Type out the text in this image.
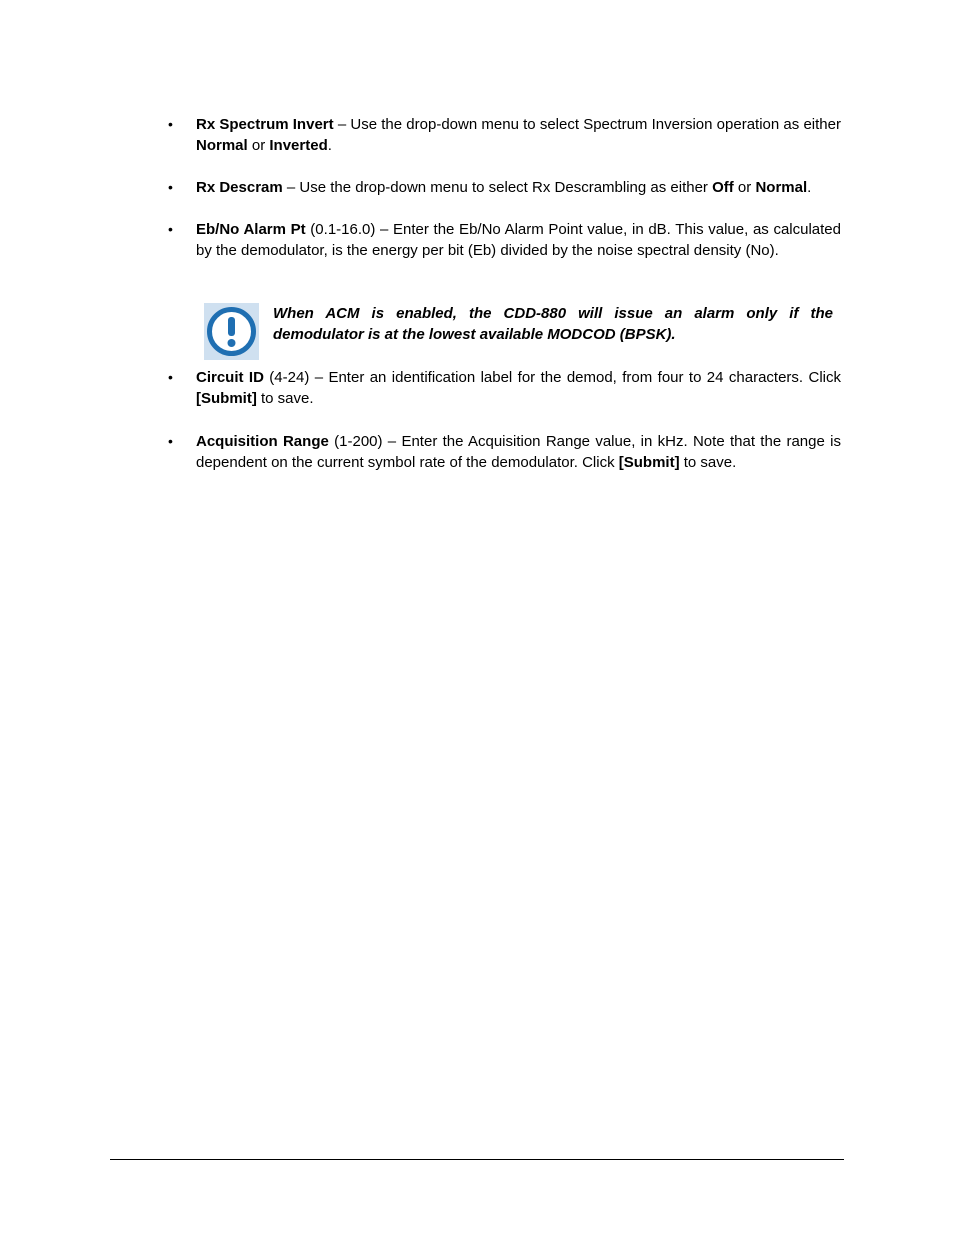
•	Rx Spectrum Invert – Use the drop-down menu to select Spectrum Inversion operation as either Normal or Inverted.
•	Rx Descram – Use the drop-down menu to select Rx Descrambling as either Off or Normal.
•	Eb/No Alarm Pt (0.1-16.0) – Enter the Eb/No Alarm Point value, in dB. This value, as calculated by the demodulator, is the energy per bit (Eb) divided by the noise spectral density (No).
•	Circuit ID (4-24) – Enter an identification label for the demod, from four to 24 characters. Click [Submit] to save.
•	Acquisition Range (1-200) – Enter the Acquisition Range value, in kHz. Note that the range is dependent on the current symbol rate of the demodulator. Click [Submit] to save.
When ACM is enabled, the CDD-880 will issue an alarm only if the demodulator is at the lowest available MODCOD (BPSK).
